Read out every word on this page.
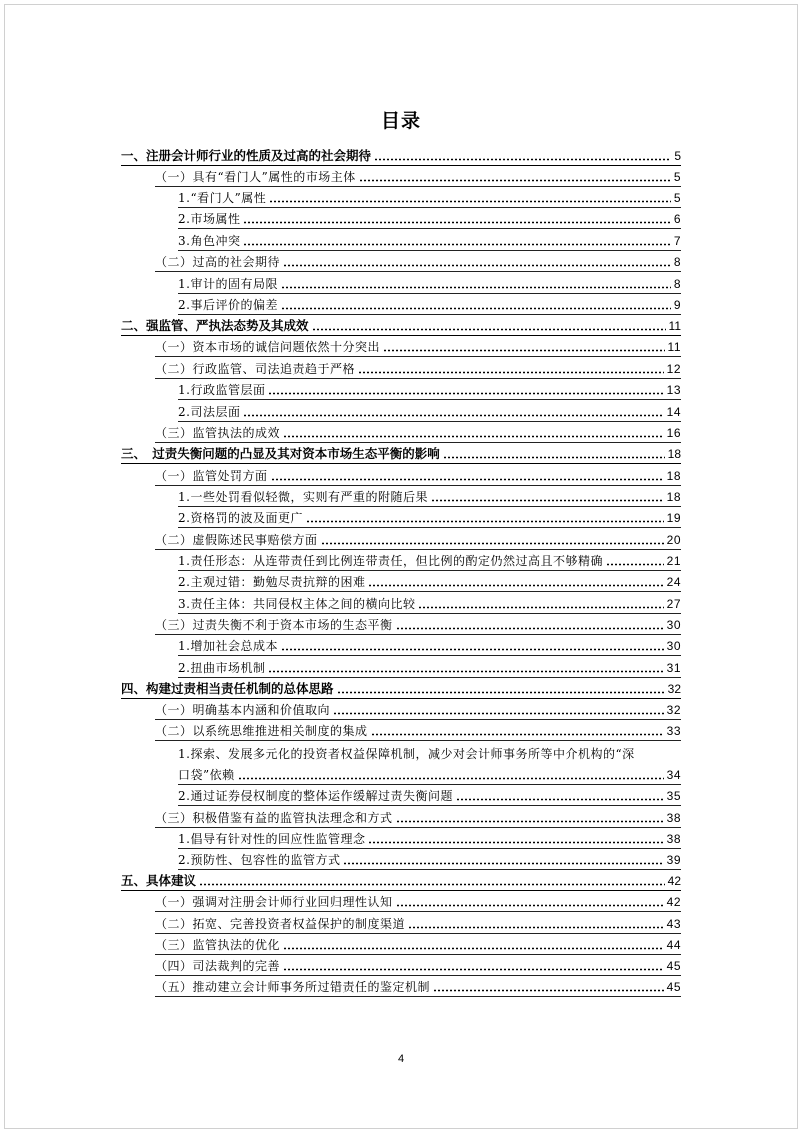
目录
一、注册会计师行业的性质及过高的社会期待	5
（一）具有“看门人”属性的市场主体	5
1.“看门人”属性	5
2.市场属性	6
3.角色冲突	7
（二）过高的社会期待	8
1.审计的固有局限	8
2.事后评价的偏差	9
二、强监管、严执法态势及其成效	11
（一）资本市场的诚信问题依然十分突出	11
（二）行政监管、司法追责趋于严格	12
1.行政监管层面	13
2.司法层面	14
（三）监管执法的成效	16
三、　过责失衡问题的凸显及其对资本市场生态平衡的影响	18
（一）监管处罚方面	18
1.一些处罚看似轻微，实则有严重的附随后果	18
2.资格罚的波及面更广	19
（二）虚假陈述民事赔偿方面	20
1.责任形态：从连带责任到比例连带责任，但比例的酌定仍然过高且不够精确	21
2.主观过错：勤勉尽责抗辩的困难	24
3.责任主体：共同侵权主体之间的横向比较	27
（三）过责失衡不利于资本市场的生态平衡	30
1.增加社会总成本	30
2.扭曲市场机制	31
四、构建过责相当责任机制的总体思路	32
（一）明确基本内涵和价值取向	32
（二）以系统思维推进相关制度的集成	33
1.探索、发展多元化的投资者权益保障机制，减少对会计师事务所等中介机构的“深
口袋”依赖	34
2.通过证券侵权制度的整体运作缓解过责失衡问题	35
（三）积极借鉴有益的监管执法理念和方式	38
1.倡导有针对性的回应性监管理念	38
2.预防性、包容性的监管方式	39
五、具体建议	42
（一）强调对注册会计师行业回归理性认知	42
（二）拓宽、完善投资者权益保护的制度渠道	43
（三）监管执法的优化	44
（四）司法裁判的完善	45
（五）推动建立会计师事务所过错责任的鉴定机制	45
4
